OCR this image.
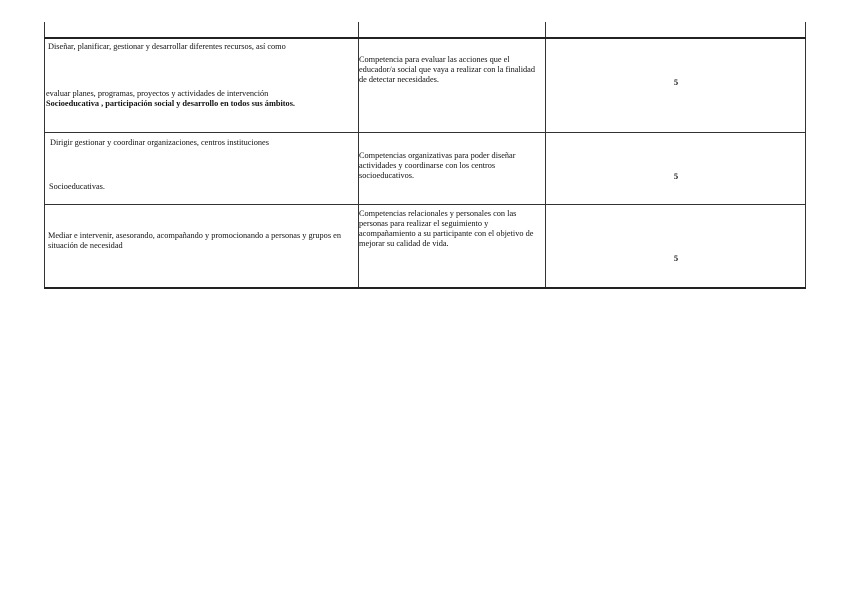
Diseñar, planificar, gestionar y desarrollar diferentes recursos, así como
evaluar planes, programas, proyectos y actividades de intervención
Socioeducativa , participación social y desarrollo en todos sus ámbitos.
Competencia para evaluar las acciones que el educador/a social que vaya a realizar con la finalidad de detectar necesidades.	5
Dirigir gestionar y coordinar organizaciones, centros instituciones
Socioeducativas.
Competencias organizativas para poder diseñar actividades y coordinarse con los centros socioeducativos.	5
Mediar e intervenir, asesorando, acompañando y promocionando a personas y grupos en situación de necesidad
Competencias relacionales y personales con las personas para realizar el seguimiento y acompañamiento a su participante con el objetivo de mejorar su calidad de vida.
5
